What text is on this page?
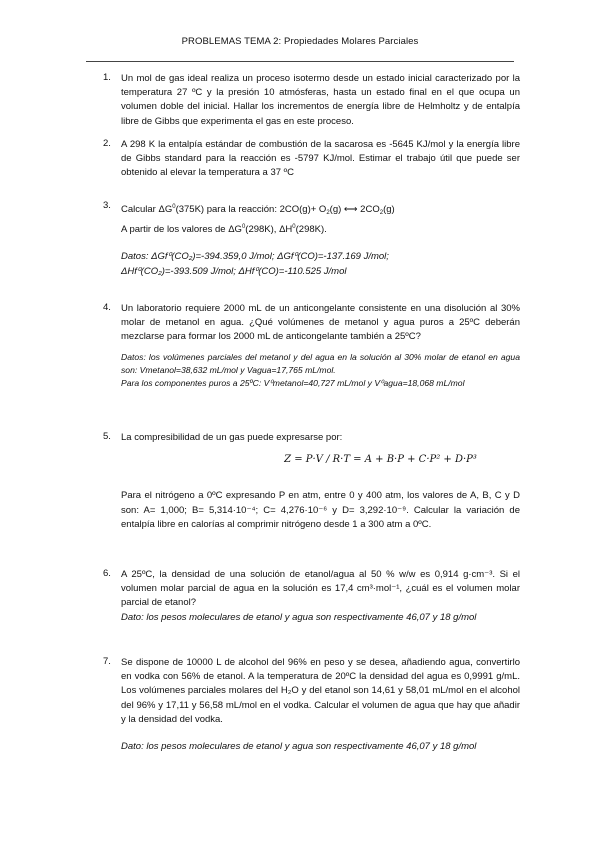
PROBLEMAS TEMA 2: Propiedades Molares Parciales
1. Un mol de gas ideal realiza un proceso isotermo desde un estado inicial caracterizado por la temperatura 27 ºC y la presión 10 atmósferas, hasta un estado final en el que ocupa un volumen doble del inicial. Hallar los incrementos de energía libre de Helmholtz y de entalpía libre de Gibbs que experimenta el gas en este proceso.

2. A 298 K la entalpía estándar de combustión de la sacarosa es -5645 KJ/mol y la energía libre de Gibbs standard para la reacción es -5797 KJ/mol. Estimar el trabajo útil que puede ser obtenido al elevar la temperatura a 37 ºC

3. Calcular $\Delta G^0(375K)$ para la reacción: $2CO(g)+ O_2(g)$ ⟷ $2CO_2(g)$

A partir de los valores de $\Delta G^0(298K)$, $\Delta H^0(298K)$.

Datos: ΔGf⁰(CO₂)=-394.359,0 J/mol; ΔGf⁰(CO)=-137.169 J/mol;

ΔHf⁰(CO₂)=-393.509 J/mol; ΔHf⁰(CO)=-110.525 J/mol

4. Un laboratorio requiere 2000 mL de un anticongelante consistente en una disolución al 30% molar de metanol en agua. ¿Qué volúmenes de metanol y agua puros a 25ºC deberán mezclarse para formar los 2000 mL de anticongelante también a 25ºC?

Datos: los volúmenes parciales del metanol y del agua en la solución al 30% molar de etanol en agua son: Vmetanol=38,632 mL/mol y Vagua=17,765 mL/mol.

Para los componentes puros a 25ºC: V⁰metanol=40,727 mL/mol y V⁰agua=18,068 mL/mol

5. La compresibilidad de un gas puede expresarse por:

Z = P·V / R·T = A + B·P + C·P² + D·P³

Para el nitrógeno a 0ºC expresando P en atm, entre 0 y 400 atm, los valores de A, B, C y D son: A= 1,000; B= 5,314·10⁻⁴; C= 4,276·10⁻⁶ y D= 3,292·10⁻⁹. Calcular la variación de entalpía libre en calorías al comprimir nitrógeno desde 1 a 300 atm a 0ºC.

6. A 25ºC, la densidad de una solución de etanol/agua al 50 % w/w es 0,914 g·cm⁻³. Si el volumen molar parcial de agua en la solución es 17,4 cm³·mol⁻¹, ¿cuál es el volumen molar parcial de etanol?

Dato: los pesos moleculares de etanol y agua son respectivamente 46,07 y 18 g/mol

7. Se dispone de 10000 L de alcohol del 96% en peso y se desea, añadiendo agua, convertirlo en vodka con 56% de etanol. A la temperatura de 20ºC la densidad del agua es 0,9991 g/mL. Los volúmenes parciales molares del H₂O y del etanol son 14,61 y 58,01 mL/mol en el alcohol del 96% y 17,11 y 56,58 mL/mol en el vodka. Calcular el volumen de agua que hay que añadir y la densidad del vodka.

Dato: los pesos moleculares de etanol y agua son respectivamente 46,07 y 18 g/mol
